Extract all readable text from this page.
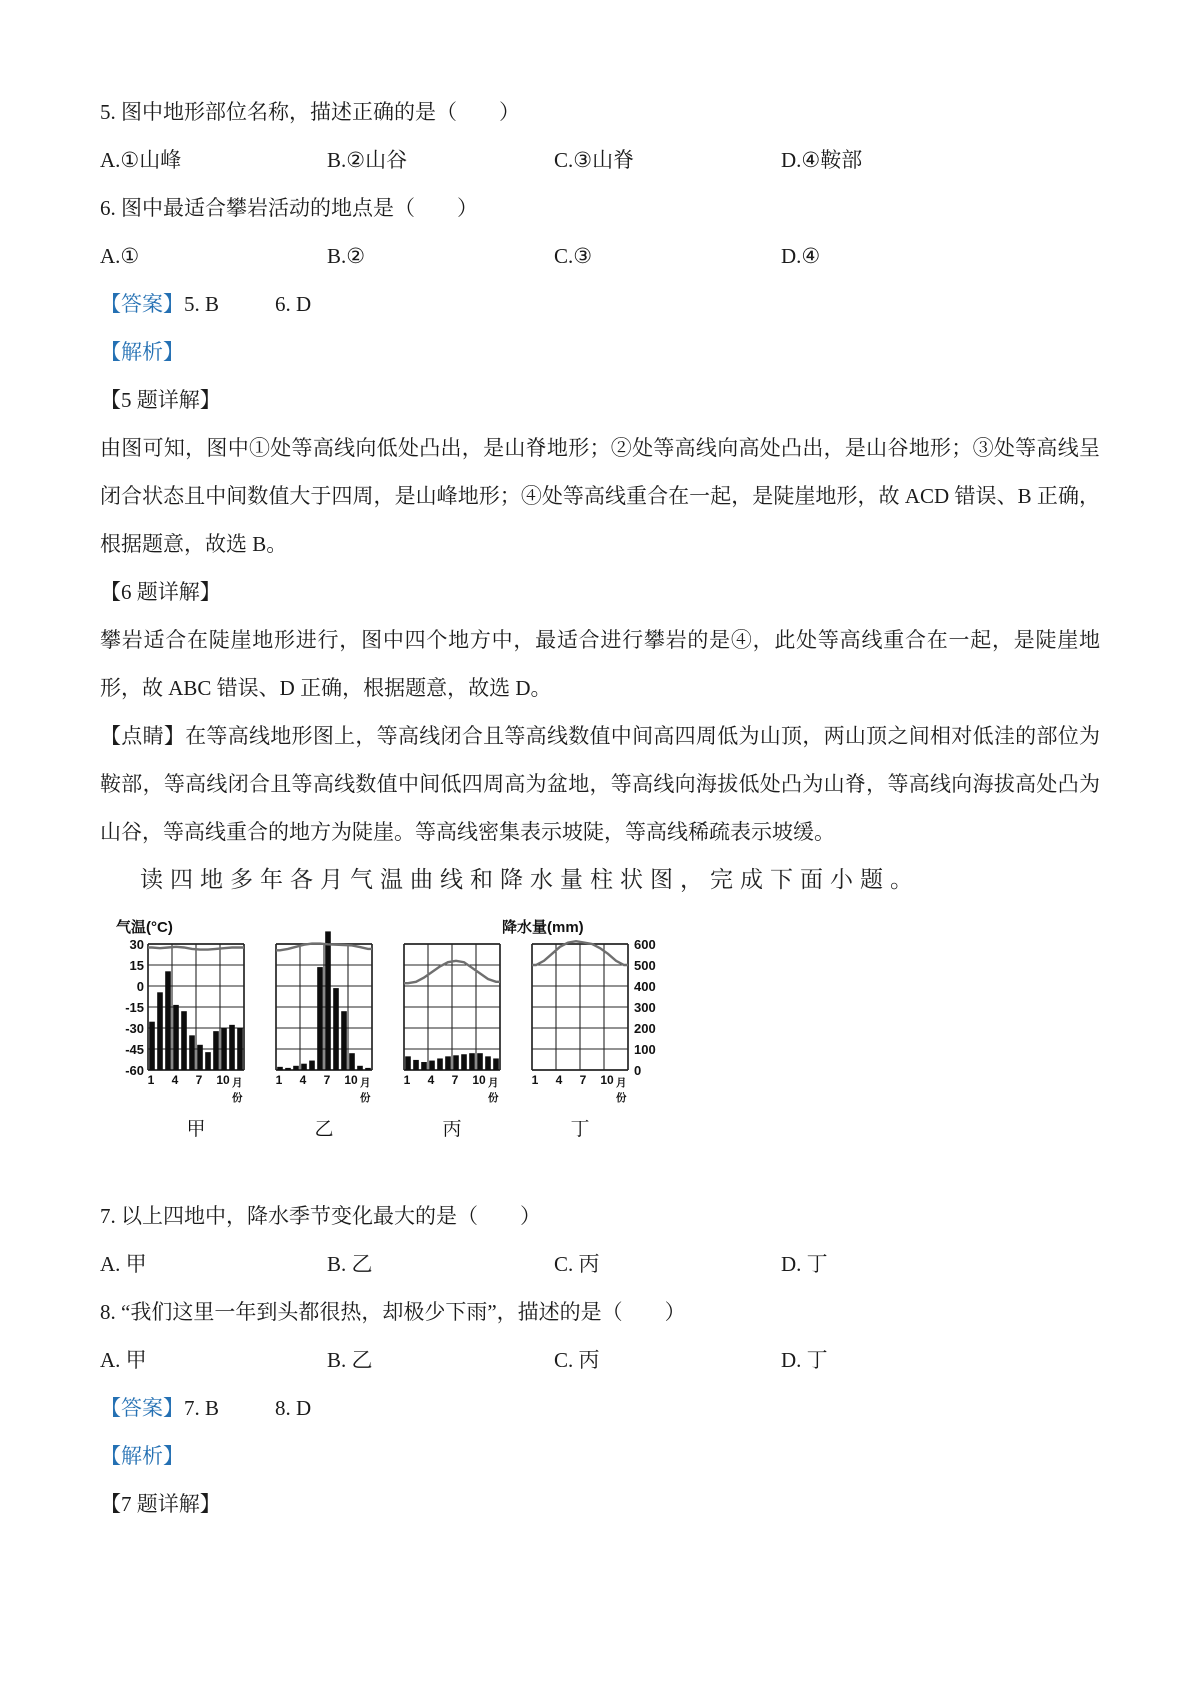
5. 图中地形部位名称，描述正确的是（　　）

A.①山峰	B.②山谷	C.③山脊	D.④鞍部

6. 图中最适合攀岩活动的地点是（　　）

A.①	B.②	C.③	D.④

【答案】5. B	6. D

【解析】

【5 题详解】

由图可知，图中①处等高线向低处凸出，是山脊地形；②处等高线向高处凸出，是山谷地形；③处等高线呈闭合状态且中间数值大于四周，是山峰地形；④处等高线重合在一起，是陡崖地形，故 ACD 错误、B 正确，根据题意，故选 B。

【6 题详解】

攀岩适合在陡崖地形进行，图中四个地方中，最适合进行攀岩的是④，此处等高线重合在一起，是陡崖地形，故 ABC 错误、D 正确，根据题意，故选 D。

【点睛】在等高线地形图上，等高线闭合且等高线数值中间高四周低为山顶，两山顶之间相对低洼的部位为鞍部，等高线闭合且等高线数值中间低四周高为盆地，等高线向海拔低处凸为山脊，等高线向海拔高处凸为山谷，等高线重合的地方为陡崖。等高线密集表示坡陡，等高线稀疏表示坡缓。

读四地多年各月气温曲线和降水量柱状图，完成下面小题。

气温(°C)	降水量(mm)
30
15
0
-15
-30
-45
-60
600
500
400
300
200
100
0
1 4 7 10 月份
甲
1 4 7 10 月份
乙
1 4 7 10 月份
丙
1 4 7 10 月份
丁

7. 以上四地中，降水季节变化最大的是（　　）

A. 甲	B. 乙	C. 丙	D. 丁

8. “我们这里一年到头都很热，却极少下雨”，描述的是（　　）

A. 甲	B. 乙	C. 丙	D. 丁

【答案】7. B	8. D

【解析】

【7 题详解】
